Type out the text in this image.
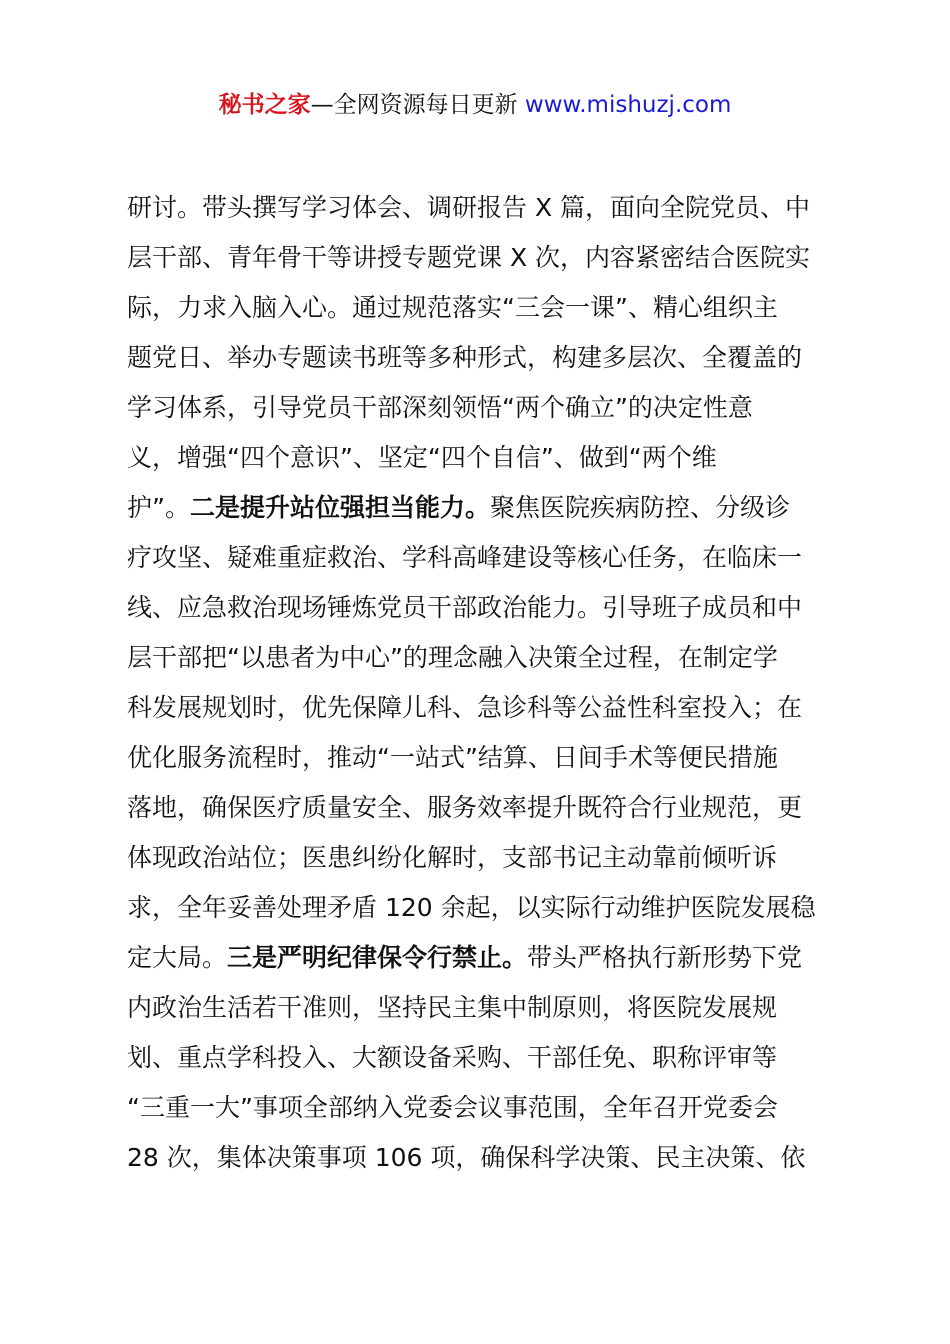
秘书之家—全网资源每日更新 www.mishuzj.com
研讨。带头撰写学习体会、调研报告 X 篇，面向全院党员、中
层干部、青年骨干等讲授专题党课 X 次，内容紧密结合医院实
际，力求入脑入心。通过规范落实“三会一课”、精心组织主
题党日、举办专题读书班等多种形式，构建多层次、全覆盖的
学习体系，引导党员干部深刻领悟“两个确立”的决定性意
义，增强“四个意识”、坚定“四个自信”、做到“两个维
护”。二是提升站位强担当能力。聚焦医院疾病防控、分级诊
疗攻坚、疑难重症救治、学科高峰建设等核心任务，在临床一
线、应急救治现场锤炼党员干部政治能力。引导班子成员和中
层干部把“以患者为中心”的理念融入决策全过程，在制定学
科发展规划时，优先保障儿科、急诊科等公益性科室投入；在
优化服务流程时，推动“一站式”结算、日间手术等便民措施
落地，确保医疗质量安全、服务效率提升既符合行业规范，更
体现政治站位；医患纠纷化解时，支部书记主动靠前倾听诉
求，全年妥善处理矛盾 120 余起，以实际行动维护医院发展稳
定大局。三是严明纪律保令行禁止。带头严格执行新形势下党
内政治生活若干准则，坚持民主集中制原则，将医院发展规
划、重点学科投入、大额设备采购、干部任免、职称评审等
“三重一大”事项全部纳入党委会议事范围，全年召开党委会
28 次，集体决策事项 106 项，确保科学决策、民主决策、依
